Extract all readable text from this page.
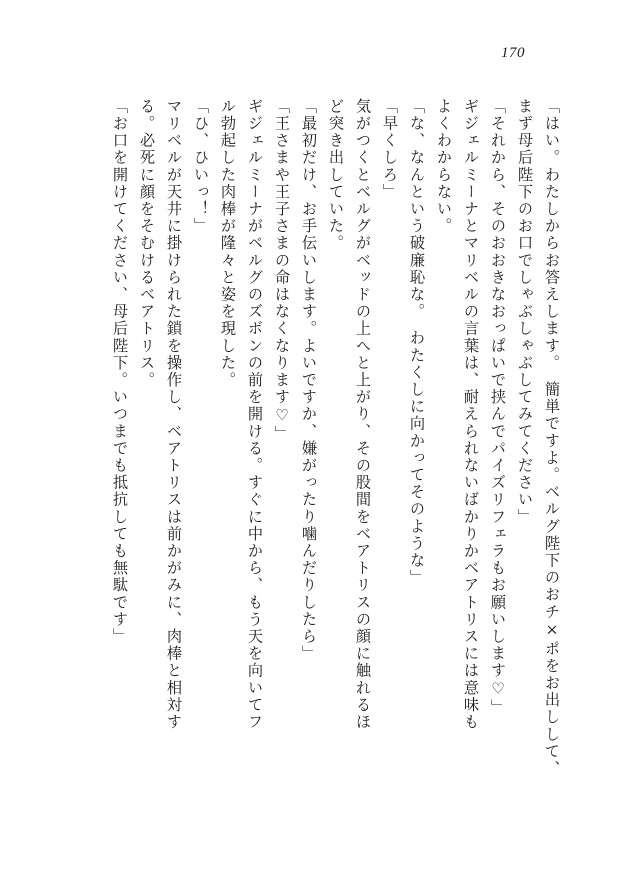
170
「はい。わたしからお答えします。　簡単ですよ。ベルグ陛下のおチ×ポをお出しして、
まず母后陛下のお口でしゃぶしゃぶしてみてください」
「それから、そのおおきなおっぱいで挟んでパイズリフェラもお願いします♡」
ギジェルミーナとマリベルの言葉は、耐えられないばかりかベアトリスには意味も
よくわからない。
「な、なんという破廉恥な。　わたくしに向かってそのような」
「早くしろ」
気がつくとベルグがベッドの上へと上がり、その股間をベアトリスの顔に触れるほ
ど突き出していた。
「最初だけ、お手伝いします。よいですか、嫌がったり噛んだりしたら」
「王さまや王子さまの命はなくなります♡」
ギジェルミーナがベルグのズボンの前を開ける。すぐに中から、もう天を向いてフ
ル勃起した肉棒が隆々と姿を現した。
「ひ、ひいっ！」
マリベルが天井に掛けられた鎖を操作し、ベアトリスは前かがみに、肉棒と相対す
る。必死に顔をそむけるベアトリス。
「お口を開けてください、母后陛下。いつまでも抵抗しても無駄です」
